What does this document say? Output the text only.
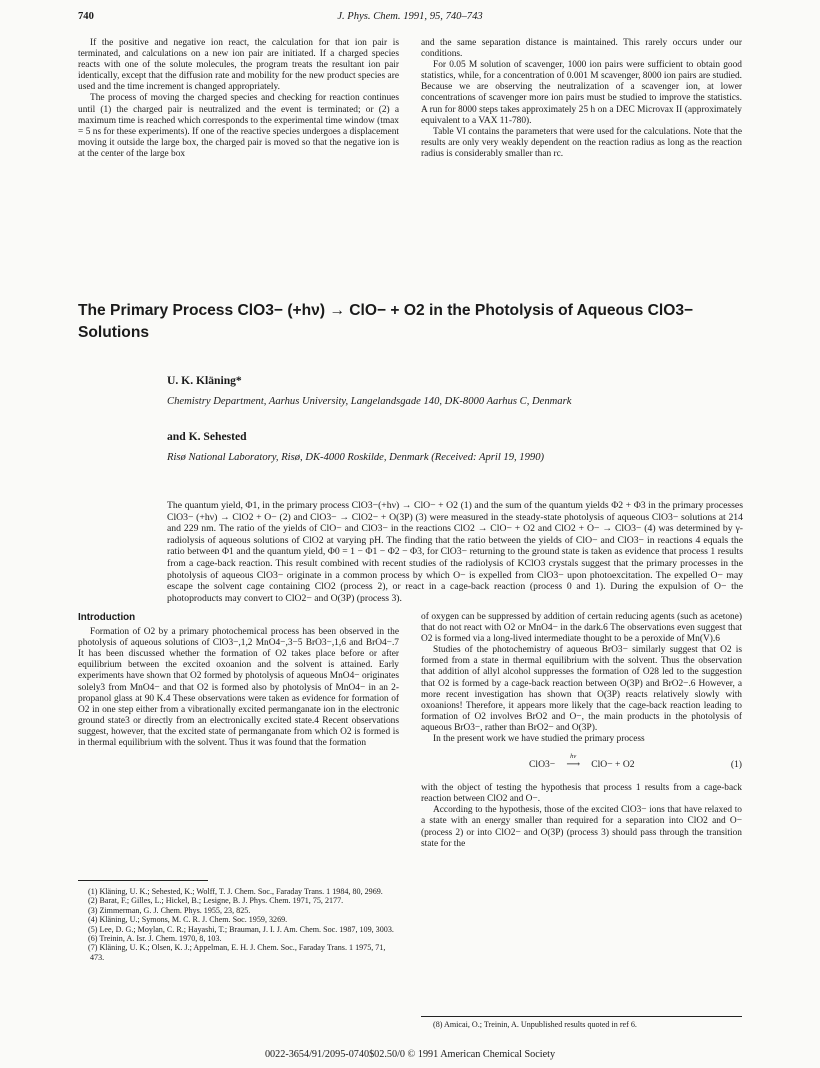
740	J. Phys. Chem. 1991, 95, 740–743

If the positive and negative ion react, the calculation for that ion pair is terminated, and calculations on a new ion pair are initiated. If a charged species reacts with one of the solute molecules, the program treats the resultant ion pair identically, except that the diffusion rate and mobility for the new product species are used and the time increment is changed appropriately.

The process of moving the charged species and checking for reaction continues until (1) the charged pair is neutralized and the event is terminated; or (2) a maximum time is reached which corresponds to the experimental time window (tmax = 5 ns for these experiments). If one of the reactive species undergoes a displacement moving it outside the large box, the charged pair is moved so that the negative ion is at the center of the large box

and the same separation distance is maintained. This rarely occurs under our conditions.

For 0.05 M solution of scavenger, 1000 ion pairs were sufficient to obtain good statistics, while, for a concentration of 0.001 M scavenger, 8000 ion pairs are studied. Because we are observing the neutralization of a scavenger ion, at lower concentrations of scavenger more ion pairs must be studied to improve the statistics. A run for 8000 steps takes approximately 25 h on a DEC Microvax II (approximately equivalent to a VAX 11-780).

Table VI contains the parameters that were used for the calculations. Note that the results are only very weakly dependent on the reaction radius as long as the reaction radius is considerably smaller than rc.

The Primary Process ClO3− (+hν) → ClO− + O2 in the Photolysis of Aqueous ClO3− Solutions
U. K. Kläning*
Chemistry Department, Aarhus University, Langelandsgade 140, DK-8000 Aarhus C, Denmark
and K. Sehested
Risø National Laboratory, Risø, DK-4000 Roskilde, Denmark (Received: April 19, 1990)
The quantum yield, Φ1, in the primary process ClO3−(+hν) → ClO− + O2 (1) and the sum of the quantum yields Φ2 + Φ3 in the primary processes ClO3− (+hν) → ClO2 + O− (2) and ClO3− → ClO2− + O(3P) (3) were measured in the steady-state photolysis of aqueous ClO3− solutions at 214 and 229 nm. The ratio of the yields of ClO− and ClO3− in the reactions ClO2 → ClO− + O2 and ClO2 + O− → ClO3− (4) was determined by γ-radiolysis of aqueous solutions of ClO2 at varying pH. The finding that the ratio between the yields of ClO− and ClO3− in reactions 4 equals the ratio between Φ1 and the quantum yield, Φ0 = 1 − Φ1 − Φ2 − Φ3, for ClO3− returning to the ground state is taken as evidence that process 1 results from a cage-back reaction. This result combined with recent studies of the radiolysis of KClO3 crystals suggest that the primary processes in the photolysis of aqueous ClO3− originate in a common process by which O− is expelled from ClO3− upon photoexcitation. The expelled O− may escape the solvent cage containing ClO2 (process 2), or react in a cage-back reaction (process 0 and 1). During the expulsion of O− the photoproducts may convert to ClO2− and O(3P) (process 3).
Introduction

Formation of O2 by a primary photochemical process has been observed in the photolysis of aqueous solutions of ClO3−,1,2 MnO4−,3−5 BrO3−,1,6 and BrO4−.7 It has been discussed whether the formation of O2 takes place before or after equilibrium between the excited oxoanion and the solvent is attained. Early experiments have shown that O2 formed by photolysis of aqueous MnO4− originates solely3 from MnO4− and that O2 is formed also by photolysis of MnO4− in an 2-propanol glass at 90 K.4 These observations were taken as evidence for formation of O2 in one step either from a vibrationally excited permanganate ion in the electronic ground state3 or directly from an electronically excited state.4 Recent observations suggest, however, that the excited state of permanganate from which O2 is formed is in thermal equilibrium with the solvent. Thus it was found that the formation

of oxygen can be suppressed by addition of certain reducing agents (such as acetone) that do not react with O2 or MnO4− in the dark.6 The observations even suggest that O2 is formed via a long-lived intermediate thought to be a peroxide of Mn(V).6

Studies of the photochemistry of aqueous BrO3− similarly suggest that O2 is formed from a state in thermal equilibrium with the solvent. Thus the observation that addition of allyl alcohol suppresses the formation of O28 led to the suggestion that O2 is formed by a cage-back reaction between O(3P) and BrO2−.6 However, a more recent investigation has shown that O(3P) reacts relatively slowly with oxoanions! Therefore, it appears more likely that the cage-back reaction leading to formation of O2 involves BrO2 and O−, the main products in the photolysis of aqueous BrO3−, rather than BrO2− and O(3P).

In the present work we have studied the primary process

ClO3−
hν
⟶	ClO− + O2	(1)

with the object of testing the hypothesis that process 1 results from a cage-back reaction between ClO2 and O−.

According to the hypothesis, those of the excited ClO3− ions that have relaxed to a state with an energy smaller than required for a separation into ClO2 and O− (process 2) or into ClO2− and O(3P) (process 3) should pass through the transition state for the

(1) Kläning, U. K.; Sehested, K.; Wolff, T. J. Chem. Soc., Faraday Trans. 1 1984, 80, 2969.
(2) Barat, F.; Gilles, L.; Hickel, B.; Lesigne, B. J. Phys. Chem. 1971, 75, 2177.
(3) Zimmerman, G. J. Chem. Phys. 1955, 23, 825.
(4) Kläning, U.; Symons, M. C. R. J. Chem. Soc. 1959, 3269.
(5) Lee, D. G.; Moylan, C. R.; Hayashi, T.; Brauman, J. I. J. Am. Chem. Soc. 1987, 109, 3003.
(6) Treinin, A. Isr. J. Chem. 1970, 8, 103.
(7) Kläning, U. K.; Olsen, K. J.; Appelman, E. H. J. Chem. Soc., Faraday Trans. 1 1975, 71, 473.
(8) Amicai, O.; Treinin, A. Unpublished results quoted in ref 6.
0022-3654/91/2095-0740$02.50/0 © 1991 American Chemical Society
